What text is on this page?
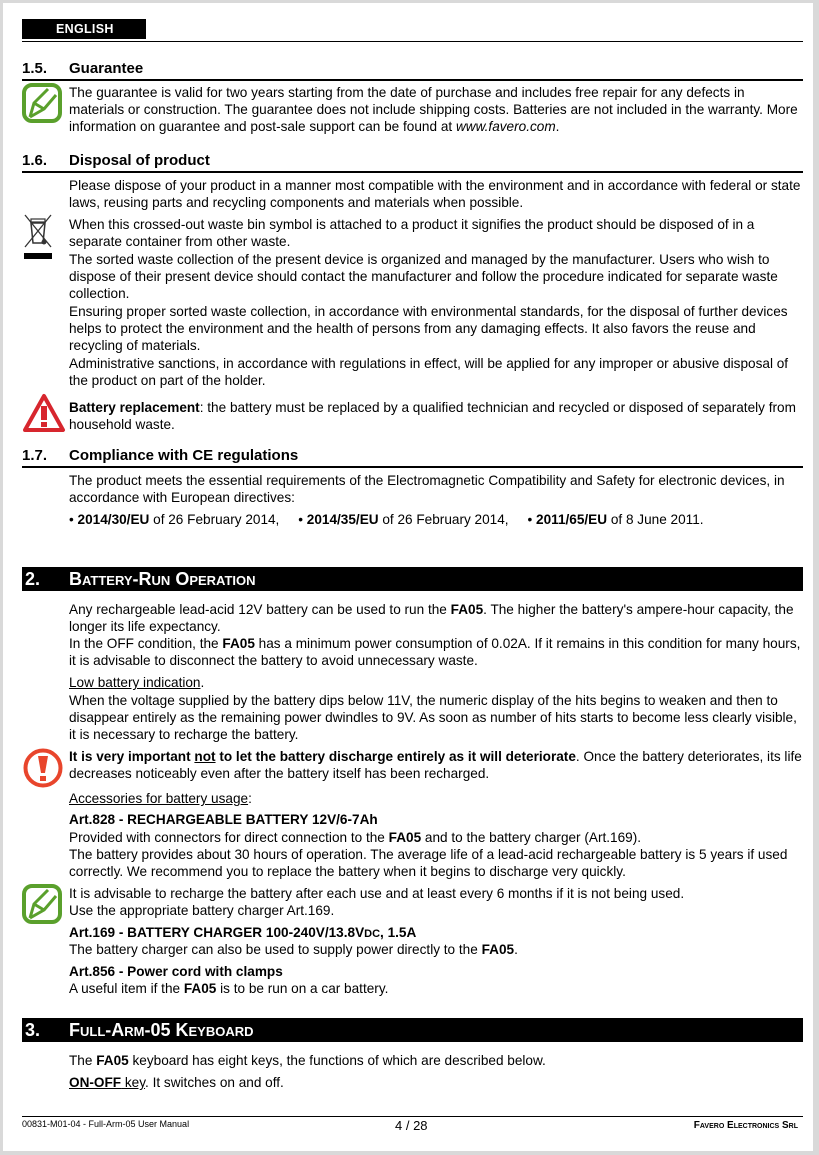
ENGLISH
1.5. Guarantee
The guarantee is valid for two years starting from the date of purchase and includes free repair for any defects in materials or construction. The guarantee does not include shipping costs. Batteries are not included in the warranty. More information on guarantee and post-sale support can be found at www.favero.com.
1.6. Disposal of product
Please dispose of your product in a manner most compatible with the environment and in accordance with federal or state laws, reusing parts and recycling components and materials when possible.
When this crossed-out waste bin symbol is attached to a product it signifies the product should be disposed of in a separate container from other waste.
The sorted waste collection of the present device is organized and managed by the manufacturer. Users who wish to dispose of their present device should contact the manufacturer and follow the procedure indicated for separate waste collection.
Ensuring proper sorted waste collection, in accordance with environmental standards, for the disposal of further devices helps to protect the environment and the health of persons from any damaging effects. It also favors the reuse and recycling of materials.
Administrative sanctions, in accordance with regulations in effect, will be applied for any improper or abusive disposal of the product on part of the holder.
Battery replacement: the battery must be replaced by a qualified technician and recycled or disposed of separately from household waste.
1.7. Compliance with CE regulations
The product meets the essential requirements of the Electromagnetic Compatibility and Safety for electronic devices, in accordance with European directives:
• 2014/30/EU of 26 February 2014, • 2014/35/EU of 26 February 2014, • 2011/65/EU of 8 June 2011.
2. Battery-Run Operation
Any rechargeable lead-acid 12V battery can be used to run the FA05. The higher the battery's ampere-hour capacity, the longer its life expectancy.
In the OFF condition, the FA05 has a minimum power consumption of 0.02A. If it remains in this condition for many hours, it is advisable to disconnect the battery to avoid unnecessary waste.
Low battery indication.
When the voltage supplied by the battery dips below 11V, the numeric display of the hits begins to weaken and then to disappear entirely as the remaining power dwindles to 9V. As soon as number of hits starts to become less clearly visible, it is necessary to recharge the battery.
It is very important not to let the battery discharge entirely as it will deteriorate. Once the battery deteriorates, its life decreases noticeably even after the battery itself has been recharged.
Accessories for battery usage:
Art.828 - RECHARGEABLE BATTERY 12V/6-7Ah
Provided with connectors for direct connection to the FA05 and to the battery charger (Art.169).
The battery provides about 30 hours of operation. The average life of a lead-acid rechargeable battery is 5 years if used correctly. We recommend you to replace the battery when it begins to discharge very quickly.
It is advisable to recharge the battery after each use and at least every 6 months if it is not being used.
Use the appropriate battery charger Art.169.
Art.169 - BATTERY CHARGER 100-240V/13.8VDC, 1.5A
The battery charger can also be used to supply power directly to the FA05.
Art.856 - Power cord with clamps
A useful item if the FA05 is to be run on a car battery.
3. Full-Arm-05 Keyboard
The FA05 keyboard has eight keys, the functions of which are described below.
ON-OFF key. It switches on and off.
00831-M01-04 - Full-Arm-05 User Manual	4 / 28	Favero Electronics Srl
